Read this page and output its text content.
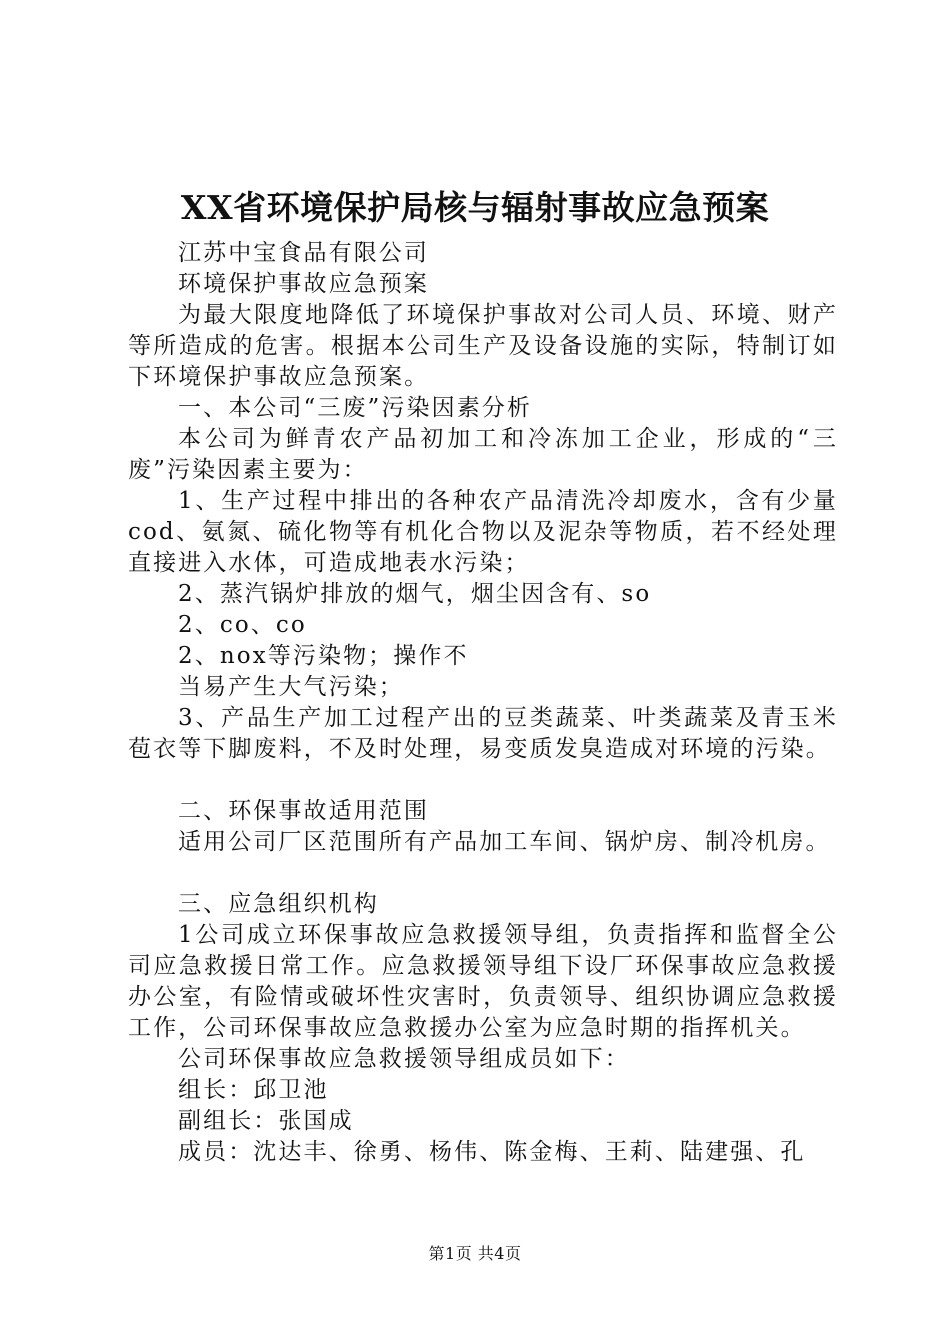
XX省环境保护局核与辐射事故应急预案

江苏中宝食品有限公司

环境保护事故应急预案

为最大限度地降低了环境保护事故对公司人员、环境、财产等所造成的危害。根据本公司生产及设备设施的实际，特制订如下环境保护事故应急预案。

一、本公司“三废”污染因素分析

本公司为鲜青农产品初加工和冷冻加工企业，形成的“三废”污染因素主要为：

1、生产过程中排出的各种农产品清洗冷却废水，含有少量cod、氨氮、硫化物等有机化合物以及泥杂等物质，若不经处理直接进入水体，可造成地表水污染；

2、蒸汽锅炉排放的烟气，烟尘因含有、so

2、co、co

2、nox等污染物；操作不

当易产生大气污染；

3、产品生产加工过程产出的豆类蔬菜、叶类蔬菜及青玉米苞衣等下脚废料，不及时处理，易变质发臭造成对环境的污染。

二、环保事故适用范围

适用公司厂区范围所有产品加工车间、锅炉房、制冷机房。

三、应急组织机构

1公司成立环保事故应急救援领导组，负责指挥和监督全公司应急救援日常工作。应急救援领导组下设厂环保事故应急救援办公室，有险情或破坏性灾害时，负责领导、组织协调应急救援工作，公司环保事故应急救援办公室为应急时期的指挥机关。

公司环保事故应急救援领导组成员如下：

组长：邱卫池

副组长：张国成

成员：沈达丰、徐勇、杨伟、陈金梅、王莉、陆建强、孔

第1页 共4页
